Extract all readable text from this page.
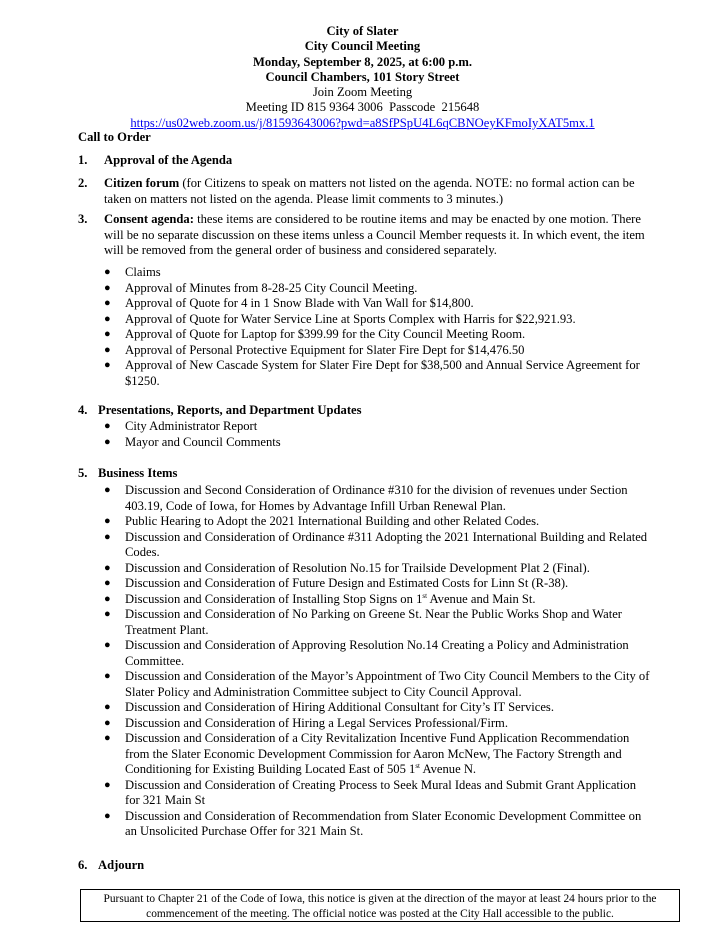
City of Slater
City Council Meeting
Monday, September 8, 2025, at 6:00 p.m.
Council Chambers, 101 Story Street
Join Zoom Meeting
Meeting ID 815 9364 3006  Passcode  215648
https://us02web.zoom.us/j/81593643006?pwd=a8SfPSpU4L6qCBNOeyKFmoIyXAT5mx.1
Call to Order
1. Approval of the Agenda
2. Citizen forum (for Citizens to speak on matters not listed on the agenda. NOTE: no formal action can be taken on matters not listed on the agenda. Please limit comments to 3 minutes.)
3. Consent agenda: these items are considered to be routine items and may be enacted by one motion. There will be no separate discussion on these items unless a Council Member requests it. In which event, the item will be removed from the general order of business and considered separately.
● Claims
● Approval of Minutes from 8-28-25 City Council Meeting.
● Approval of Quote for 4 in 1 Snow Blade with Van Wall for $14,800.
● Approval of Quote for Water Service Line at Sports Complex with Harris for $22,921.93.
● Approval of Quote for Laptop for $399.99 for the City Council Meeting Room.
● Approval of Personal Protective Equipment for Slater Fire Dept for $14,476.50
● Approval of New Cascade System for Slater Fire Dept for $38,500 and Annual Service Agreement for $1250.
4. Presentations, Reports, and Department Updates
● City Administrator Report
● Mayor and Council Comments
5. Business Items
● Discussion and Second Consideration of Ordinance #310 for the division of revenues under Section 403.19, Code of Iowa, for Homes by Advantage Infill Urban Renewal Plan.
● Public Hearing to Adopt the 2021 International Building and other Related Codes.
● Discussion and Consideration of Ordinance #311 Adopting the 2021 International Building and Related Codes.
● Discussion and Consideration of Resolution No.15 for Trailside Development Plat 2 (Final).
● Discussion and Consideration of Future Design and Estimated Costs for Linn St (R-38).
● Discussion and Consideration of Installing Stop Signs on 1st Avenue and Main St.
● Discussion and Consideration of No Parking on Greene St. Near the Public Works Shop and Water Treatment Plant.
● Discussion and Consideration of Approving Resolution No.14 Creating a Policy and Administration Committee.
● Discussion and Consideration of the Mayor’s Appointment of Two City Council Members to the City of Slater Policy and Administration Committee subject to City Council Approval.
● Discussion and Consideration of Hiring Additional Consultant for City’s IT Services.
● Discussion and Consideration of Hiring a Legal Services Professional/Firm.
● Discussion and Consideration of a City Revitalization Incentive Fund Application Recommendation from the Slater Economic Development Commission for Aaron McNew, The Factory Strength and Conditioning for Existing Building Located East of 505 1st Avenue N.
● Discussion and Consideration of Creating Process to Seek Mural Ideas and Submit Grant Application for 321 Main St
● Discussion and Consideration of Recommendation from Slater Economic Development Committee on an Unsolicited Purchase Offer for 321 Main St.
6. Adjourn
Pursuant to Chapter 21 of the Code of Iowa, this notice is given at the direction of the mayor at least 24 hours prior to the commencement of the meeting. The official notice was posted at the City Hall accessible to the public.
